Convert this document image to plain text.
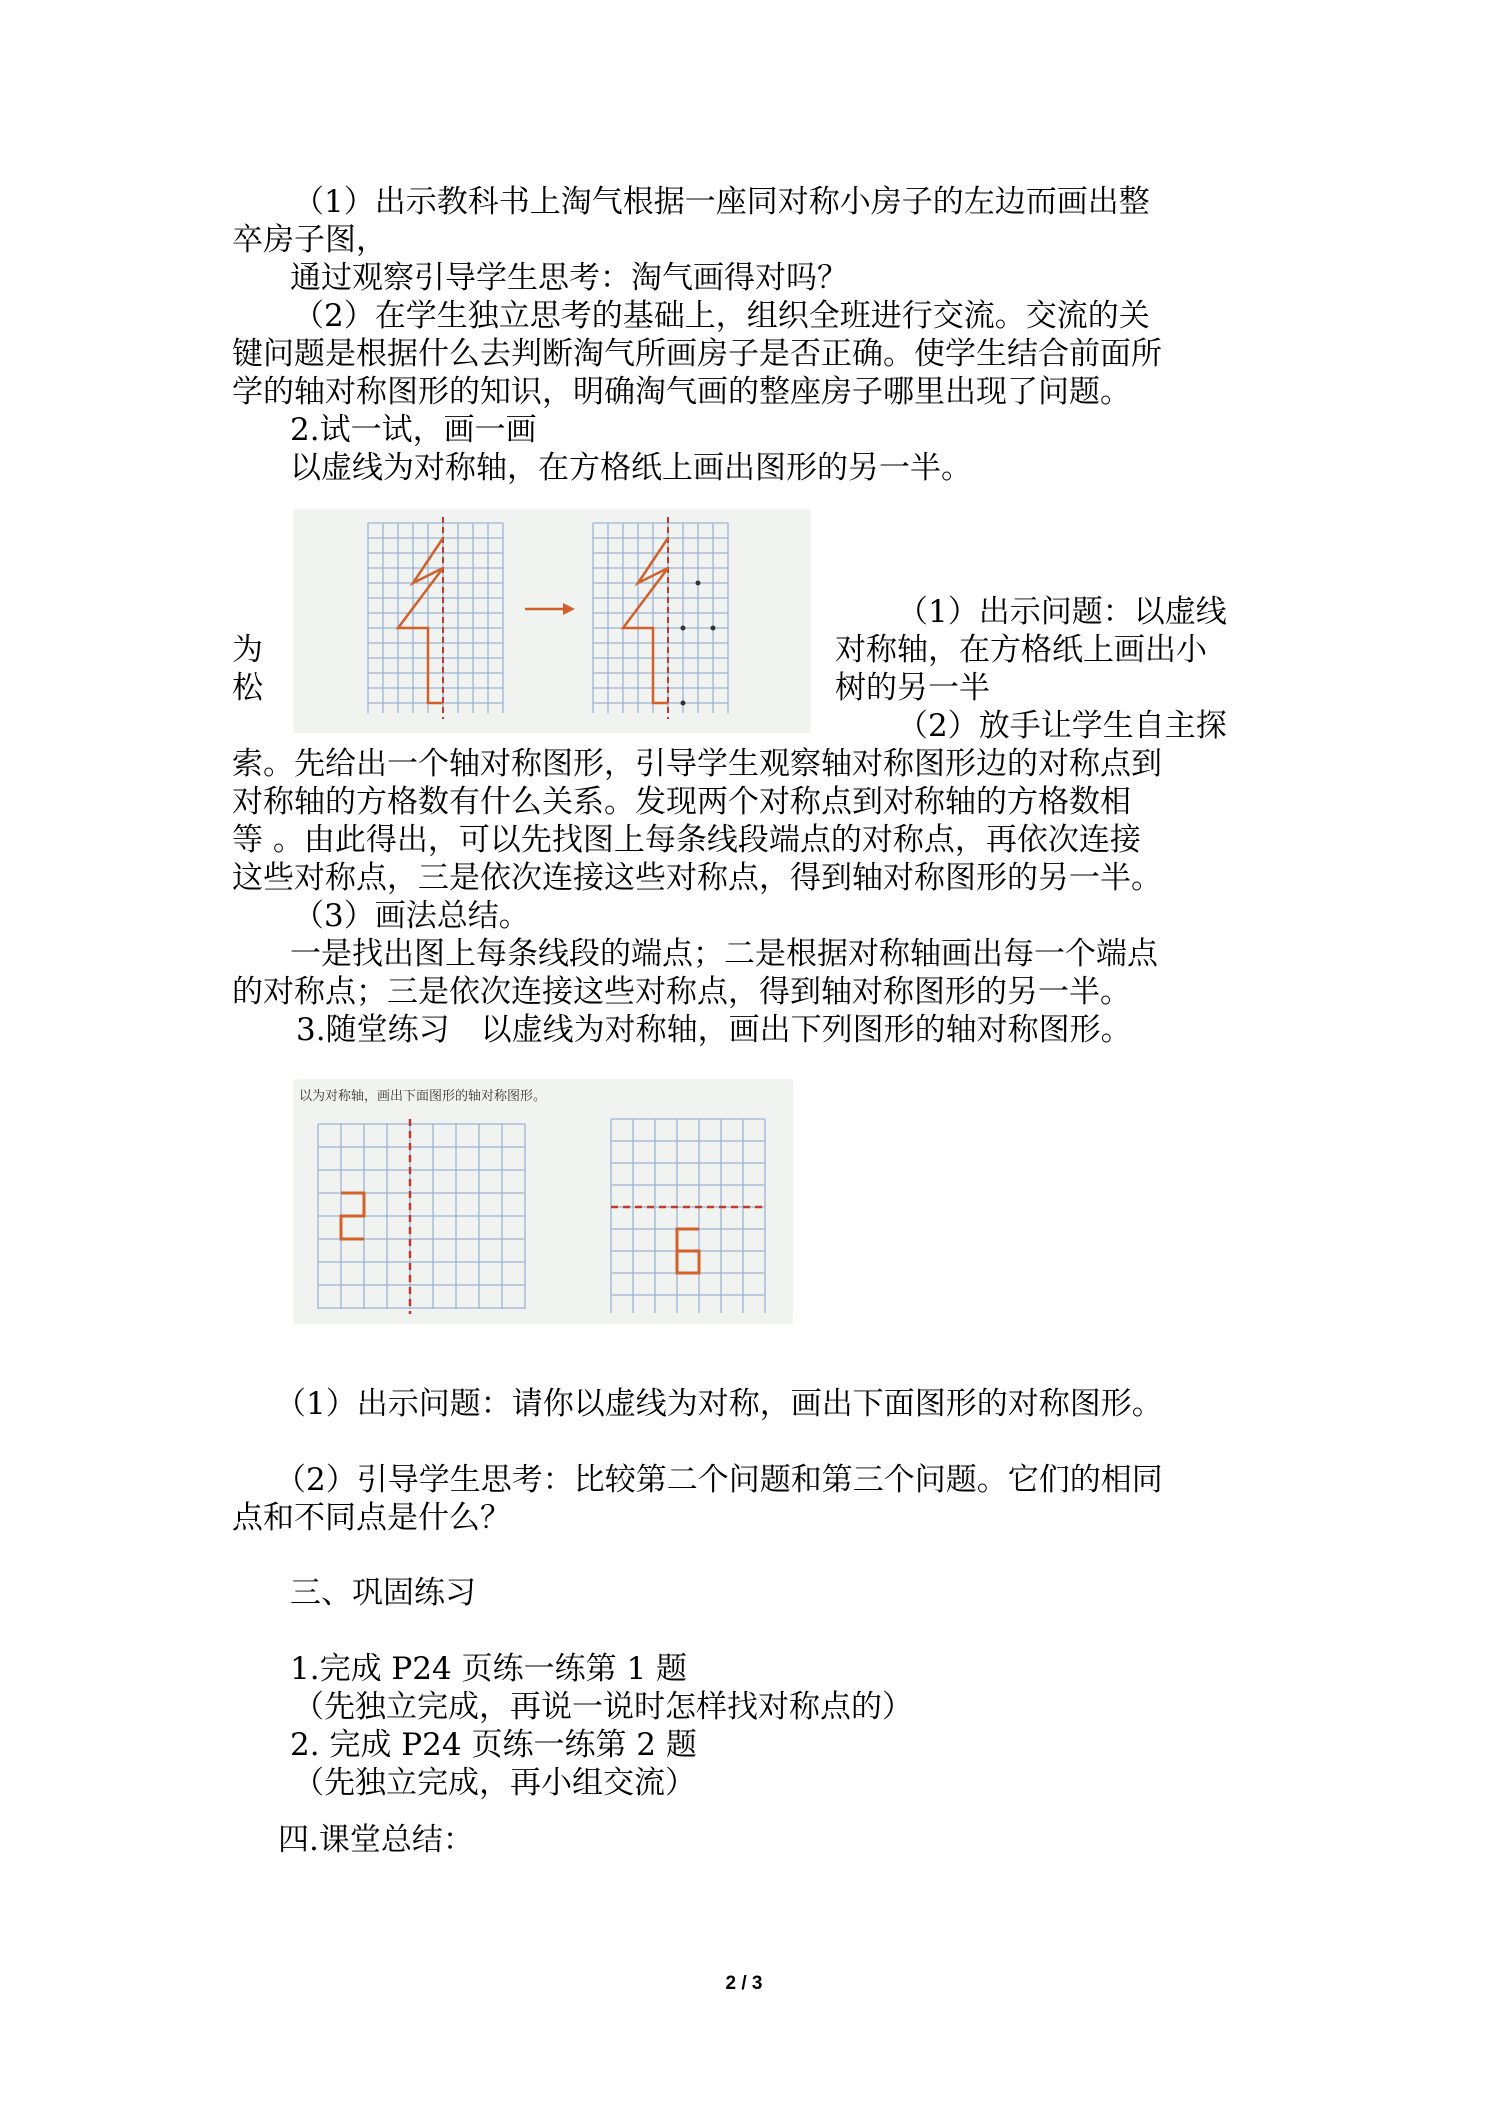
（1）出示教科书上淘气根据一座同对称小房子的左边而画出整
卒房子图，
通过观察引导学生思考：淘气画得对吗？
（2）在学生独立思考的基础上，组织全班进行交流。交流的关
键问题是根据什么去判断淘气所画房子是否正确。使学生结合前面所
学的轴对称图形的知识，明确淘气画的整座房子哪里出现了问题。
2.试一试，画一画
以虚线为对称轴，在方格纸上画出图形的另一半。
（1）出示问题：以虚线
为	对称轴，在方格纸上画出小
松	树的另一半
（2）放手让学生自主探
索。先给出一个轴对称图形，引导学生观察轴对称图形边的对称点到
对称轴的方格数有什么关系。发现两个对称点到对称轴的方格数相
等 。由此得出，可以先找图上每条线段端点的对称点，再依次连接
这些对称点，三是依次连接这些对称点，得到轴对称图形的另一半。
（3）画法总结。
一是找出图上每条线段的端点；二是根据对称轴画出每一个端点
的对称点；三是依次连接这些对称点，得到轴对称图形的另一半。
3.随堂练习　以虚线为对称轴，画出下列图形的轴对称图形。
以为对称轴，画出下面图形的轴对称图形。
（1）出示问题：请你以虚线为对称，画出下面图形的对称图形。
（2）引导学生思考：比较第二个问题和第三个问题。它们的相同
点和不同点是什么？
三、巩固练习
1.完成 P24 页练一练第 1 题
（先独立完成，再说一说时怎样找对称点的）
2. 完成 P24 页练一练第 2 题
（先独立完成，再小组交流）
四.课堂总结：
2 / 3
